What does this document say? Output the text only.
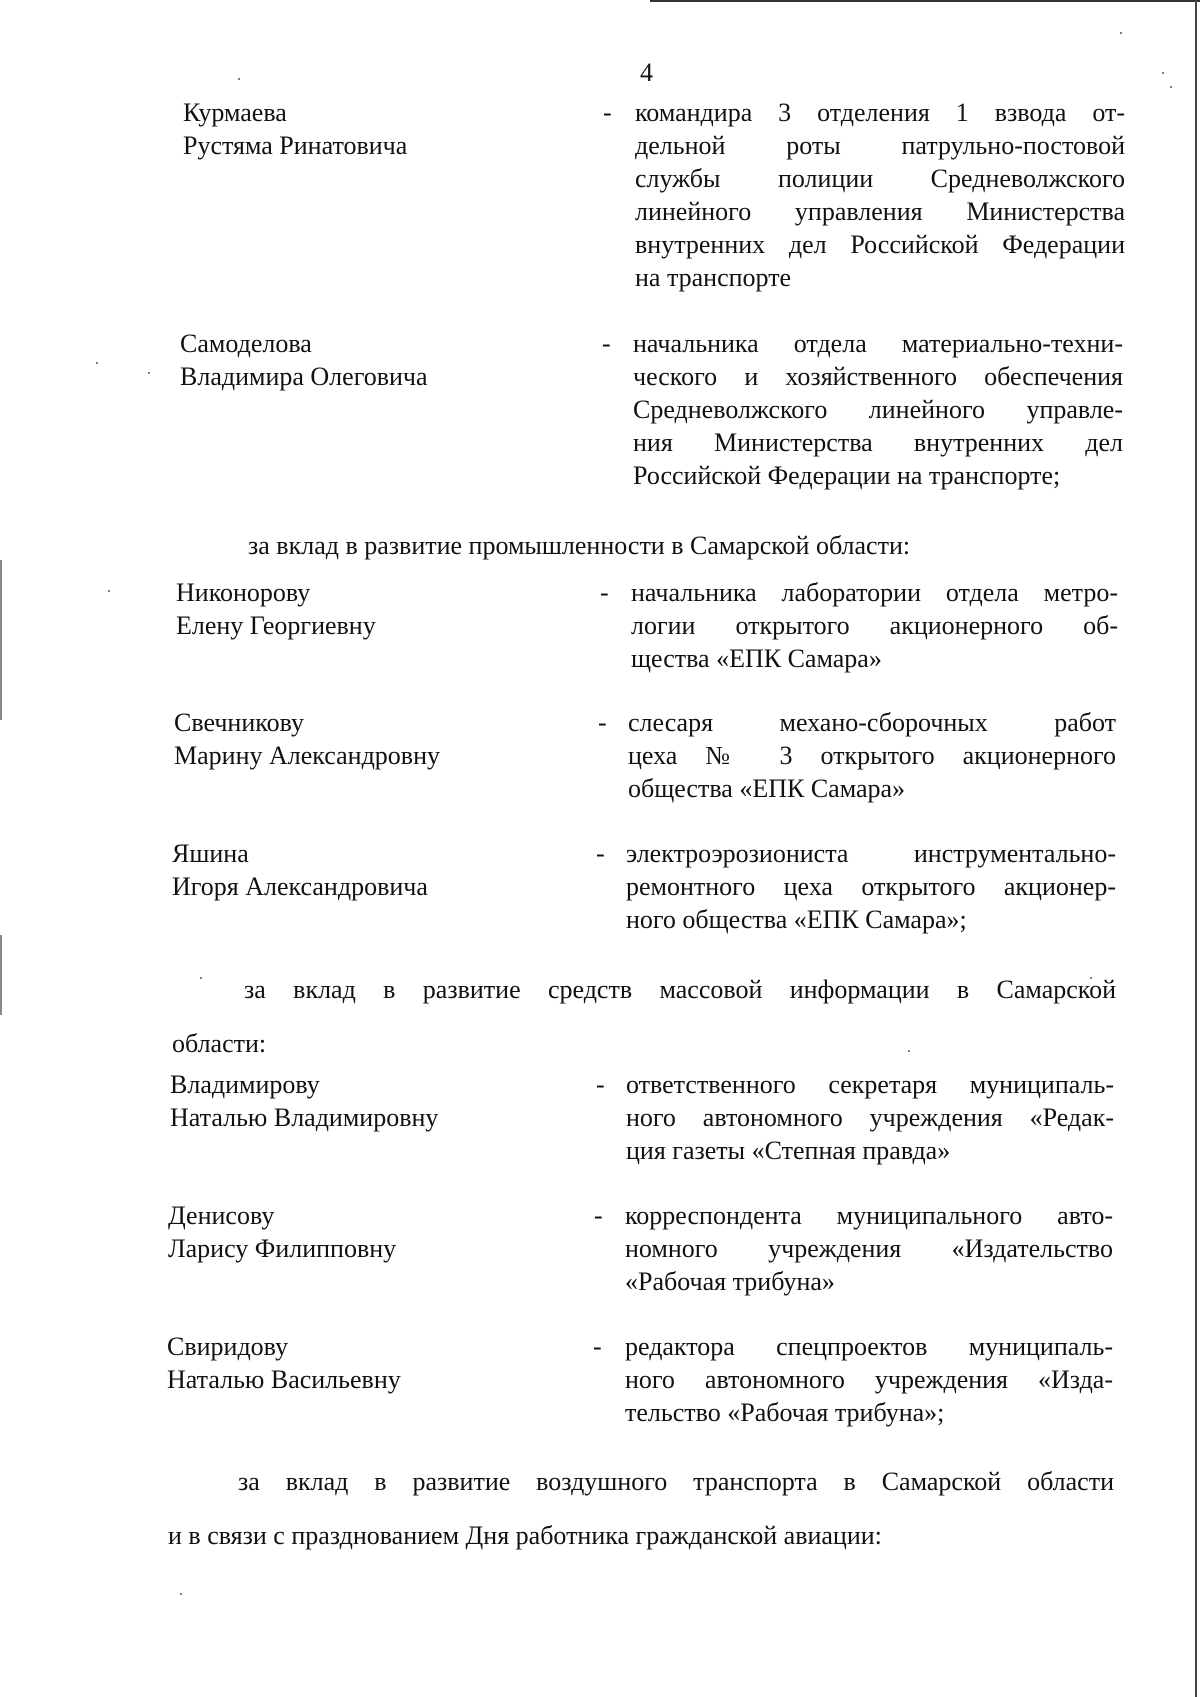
4
Курмаева
Рустяма Ринатовича
- командира 3 отделения 1 взвода от-
дельной роты патрульно-постовой
службы полиции Средневолжского
линейного управления Министерства
внутренних дел Российской Федерации
на транспорте
Самоделова
Владимира Олеговича
- начальника отдела материально-техни-
ческого и хозяйственного обеспечения
Средневолжского линейного управле-
ния Министерства внутренних дел
Российской Федерации на транспорте;
за вклад в развитие промышленности в Самарской области:
Никонорову
Елену Георгиевну
- начальника лаборатории отдела метро-
логии открытого акционерного об-
щества «ЕПК Самара»
Свечникову
Марину Александровну
- слесаря механо-сборочных работ
цеха № 3 открытого акционерного
общества «ЕПК Самара»
Яшина
Игоря Александровича
- электроэрозиониста инструментально-
ремонтного цеха открытого акционер-
ного общества «ЕПК Самара»;
за вклад в развитие средств массовой информации в Самарской
области:
Владимирову
Наталью Владимировну
- ответственного секретаря муниципаль-
ного автономного учреждения «Редак-
ция газеты «Степная правда»
Денисову
Ларису Филипповну
- корреспондента муниципального авто-
номного учреждения «Издательство
«Рабочая трибуна»
Свиридову
Наталью Васильевну
- редактора спецпроектов муниципаль-
ного автономного учреждения «Изда-
тельство «Рабочая трибуна»;
за вклад в развитие воздушного транспорта в Самарской области
и в связи с празднованием Дня работника гражданской авиации:
